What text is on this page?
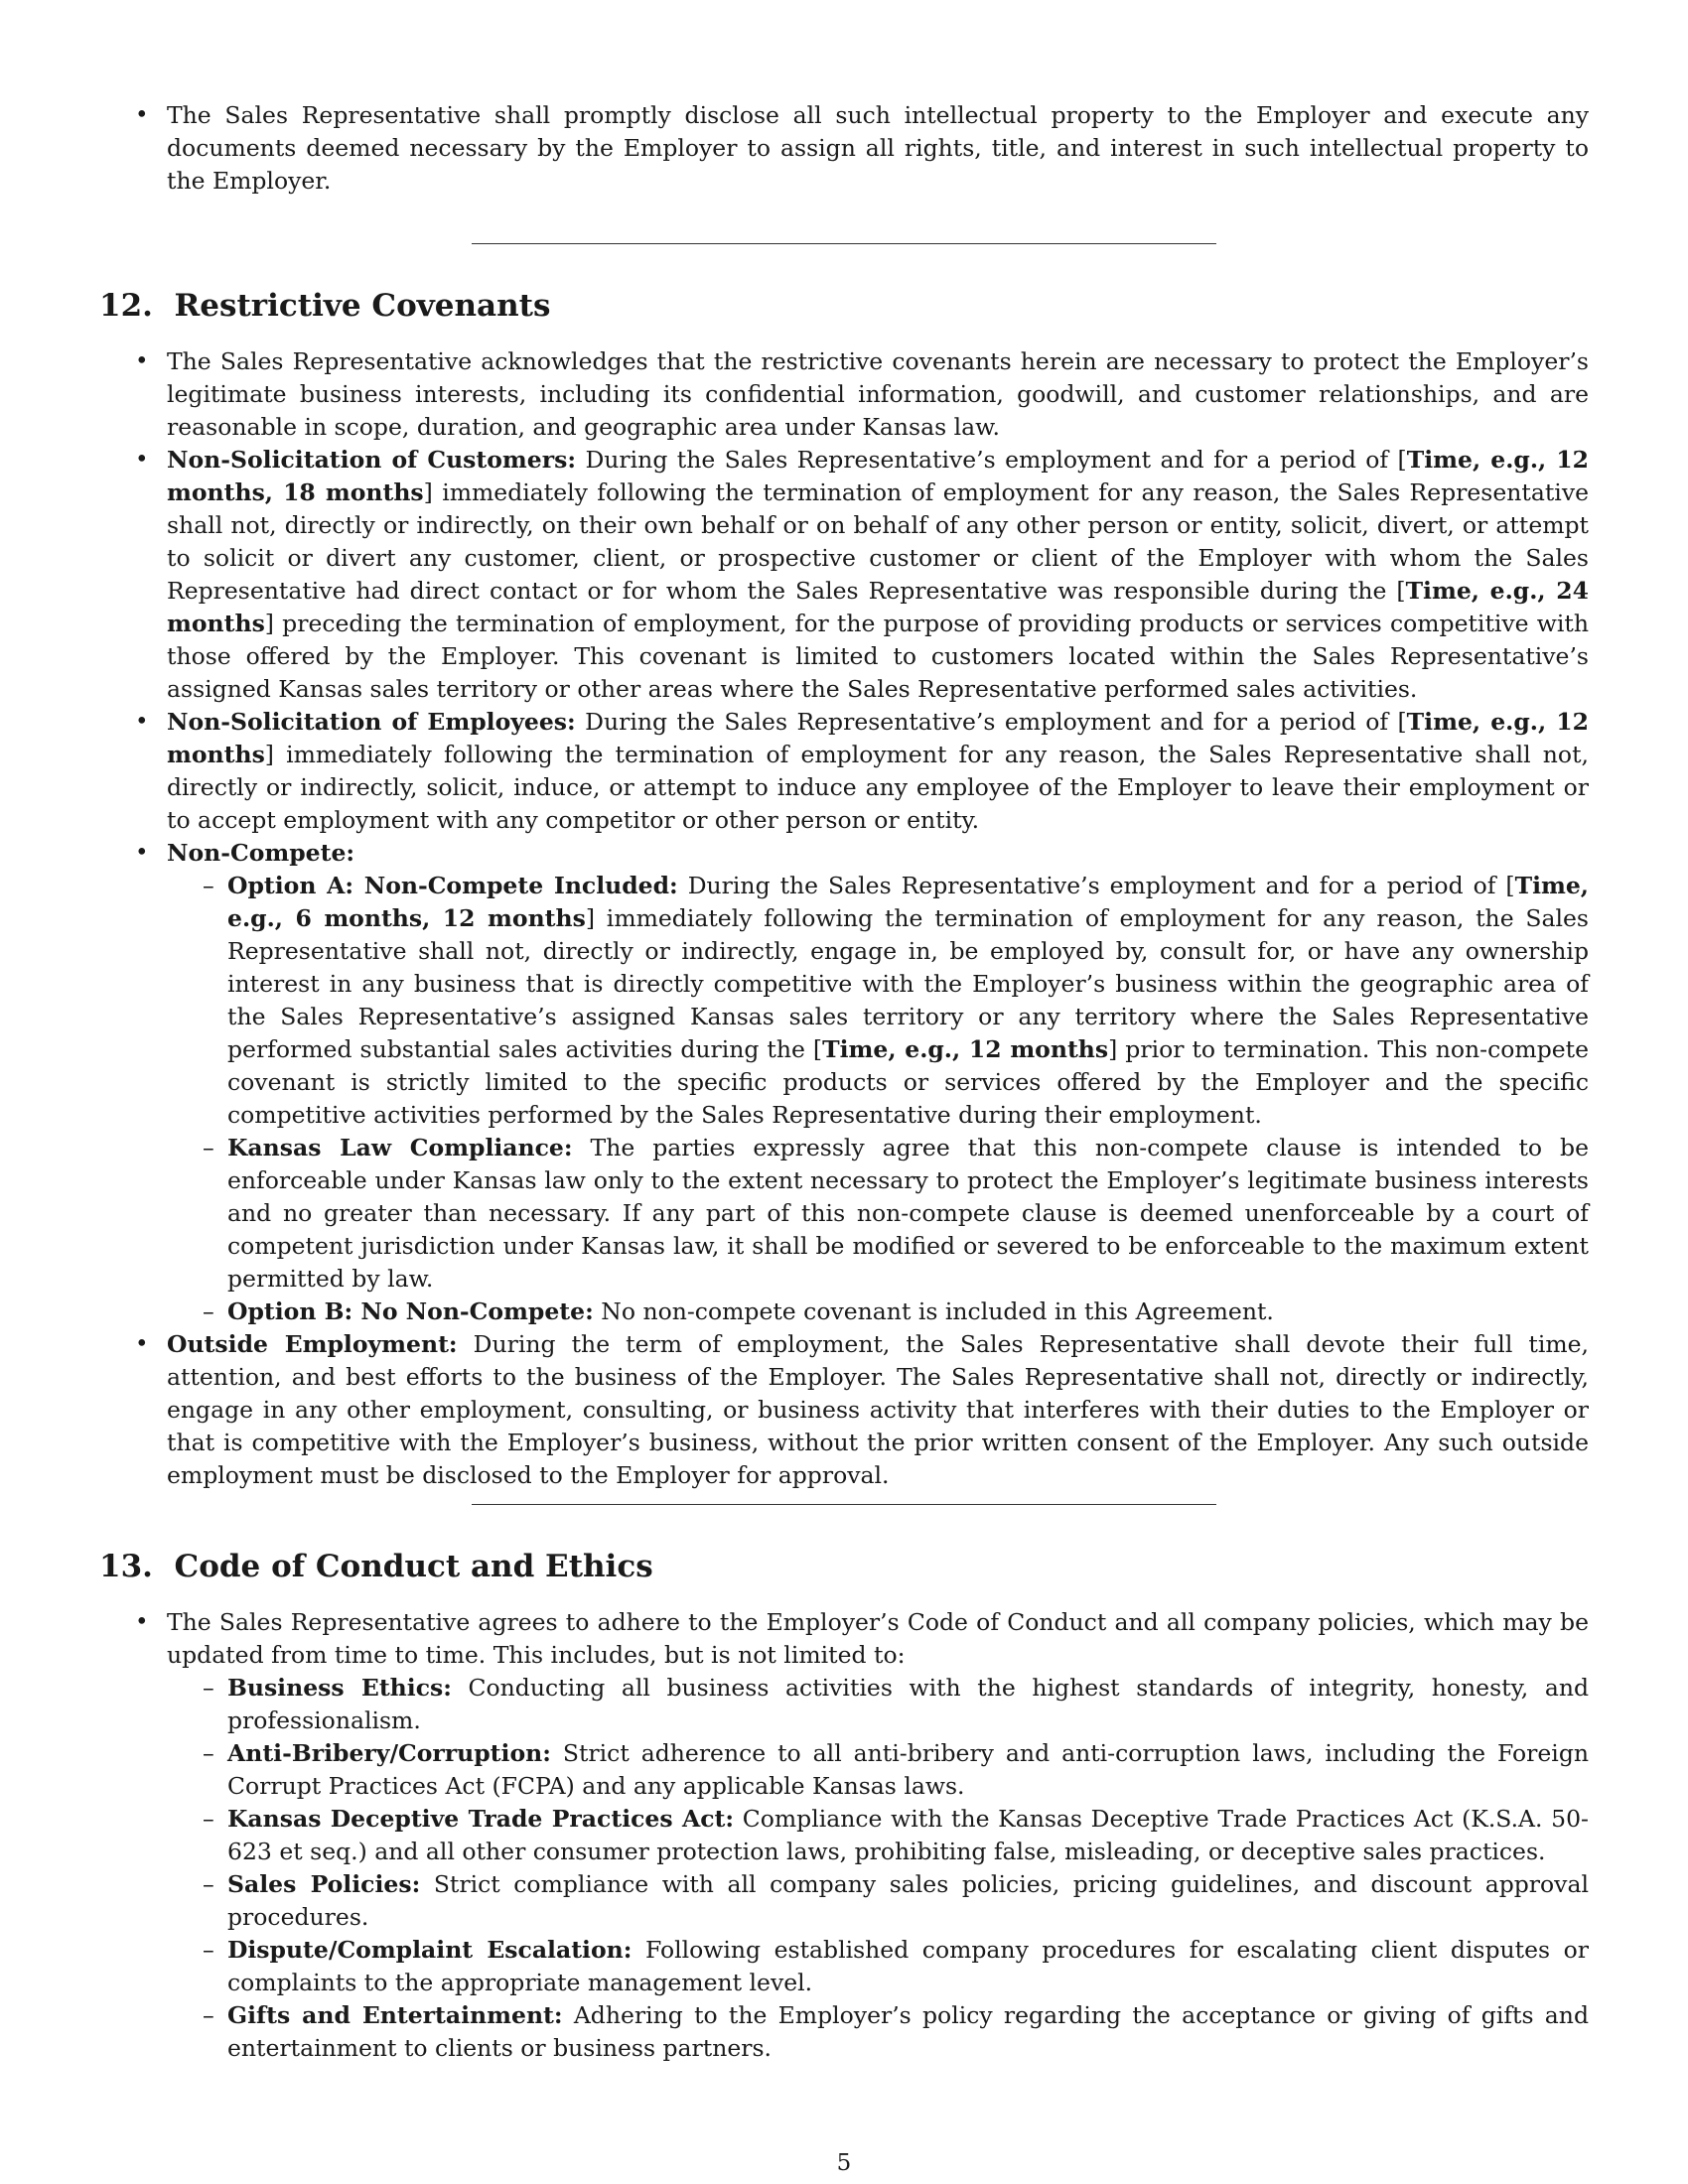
• The Sales Representative shall promptly disclose all such intellectual property to the Employer and execute any documents deemed necessary by the Employer to assign all rights, title, and interest in such intellectual property to the Employer.
12. Restrictive Covenants
• The Sales Representative acknowledges that the restrictive covenants herein are necessary to protect the Employer’s legitimate business interests, including its confidential information, goodwill, and customer relationships, and are reasonable in scope, duration, and geographic area under Kansas law.
• Non-Solicitation of Customers: During the Sales Representative’s employment and for a period of [Time, e.g., 12 months, 18 months] immediately following the termination of employment for any reason, the Sales Representative shall not, directly or indirectly, on their own behalf or on behalf of any other person or entity, solicit, divert, or attempt to solicit or divert any customer, client, or prospective customer or client of the Employer with whom the Sales Representative had direct contact or for whom the Sales Representative was responsible during the [Time, e.g., 24 months] preceding the termination of employment, for the purpose of providing products or services competitive with those offered by the Employer. This covenant is limited to customers located within the Sales Representative’s assigned Kansas sales territory or other areas where the Sales Representative performed sales activities.
• Non-Solicitation of Employees: During the Sales Representative’s employment and for a period of [Time, e.g., 12 months] immediately following the termination of employment for any reason, the Sales Representative shall not, directly or indirectly, solicit, induce, or attempt to induce any employee of the Employer to leave their employment or to accept employment with any competitor or other person or entity.
• Non-Compete:
– Option A: Non-Compete Included: During the Sales Representative’s employment and for a period of [Time, e.g., 6 months, 12 months] immediately following the termination of employment for any reason, the Sales Representative shall not, directly or indirectly, engage in, be employed by, consult for, or have any ownership interest in any business that is directly competitive with the Employer’s business within the geographic area of the Sales Representative’s assigned Kansas sales territory or any territory where the Sales Representative performed substantial sales activities during the [Time, e.g., 12 months] prior to termination. This non-compete covenant is strictly limited to the specific products or services offered by the Employer and the specific competitive activities performed by the Sales Representative during their employment.
– Kansas Law Compliance: The parties expressly agree that this non-compete clause is intended to be enforceable under Kansas law only to the extent necessary to protect the Employer’s legitimate business interests and no greater than necessary. If any part of this non-compete clause is deemed unenforceable by a court of competent jurisdiction under Kansas law, it shall be modified or severed to be enforceable to the maximum extent permitted by law.
– Option B: No Non-Compete: No non-compete covenant is included in this Agreement.
• Outside Employment: During the term of employment, the Sales Representative shall devote their full time, attention, and best efforts to the business of the Employer. The Sales Representative shall not, directly or indirectly, engage in any other employment, consulting, or business activity that interferes with their duties to the Employer or that is competitive with the Employer’s business, without the prior written consent of the Employer. Any such outside employment must be disclosed to the Employer for approval.
13. Code of Conduct and Ethics
• The Sales Representative agrees to adhere to the Employer’s Code of Conduct and all company policies, which may be updated from time to time. This includes, but is not limited to:
– Business Ethics: Conducting all business activities with the highest standards of integrity, honesty, and professionalism.
– Anti-Bribery/Corruption: Strict adherence to all anti-bribery and anti-corruption laws, including the Foreign Corrupt Practices Act (FCPA) and any applicable Kansas laws.
– Kansas Deceptive Trade Practices Act: Compliance with the Kansas Deceptive Trade Practices Act (K.S.A. 50-623 et seq.) and all other consumer protection laws, prohibiting false, misleading, or deceptive sales practices.
– Sales Policies: Strict compliance with all company sales policies, pricing guidelines, and discount approval procedures.
– Dispute/Complaint Escalation: Following established company procedures for escalating client disputes or complaints to the appropriate management level.
– Gifts and Entertainment: Adhering to the Employer’s policy regarding the acceptance or giving of gifts and entertainment to clients or business partners.
5
